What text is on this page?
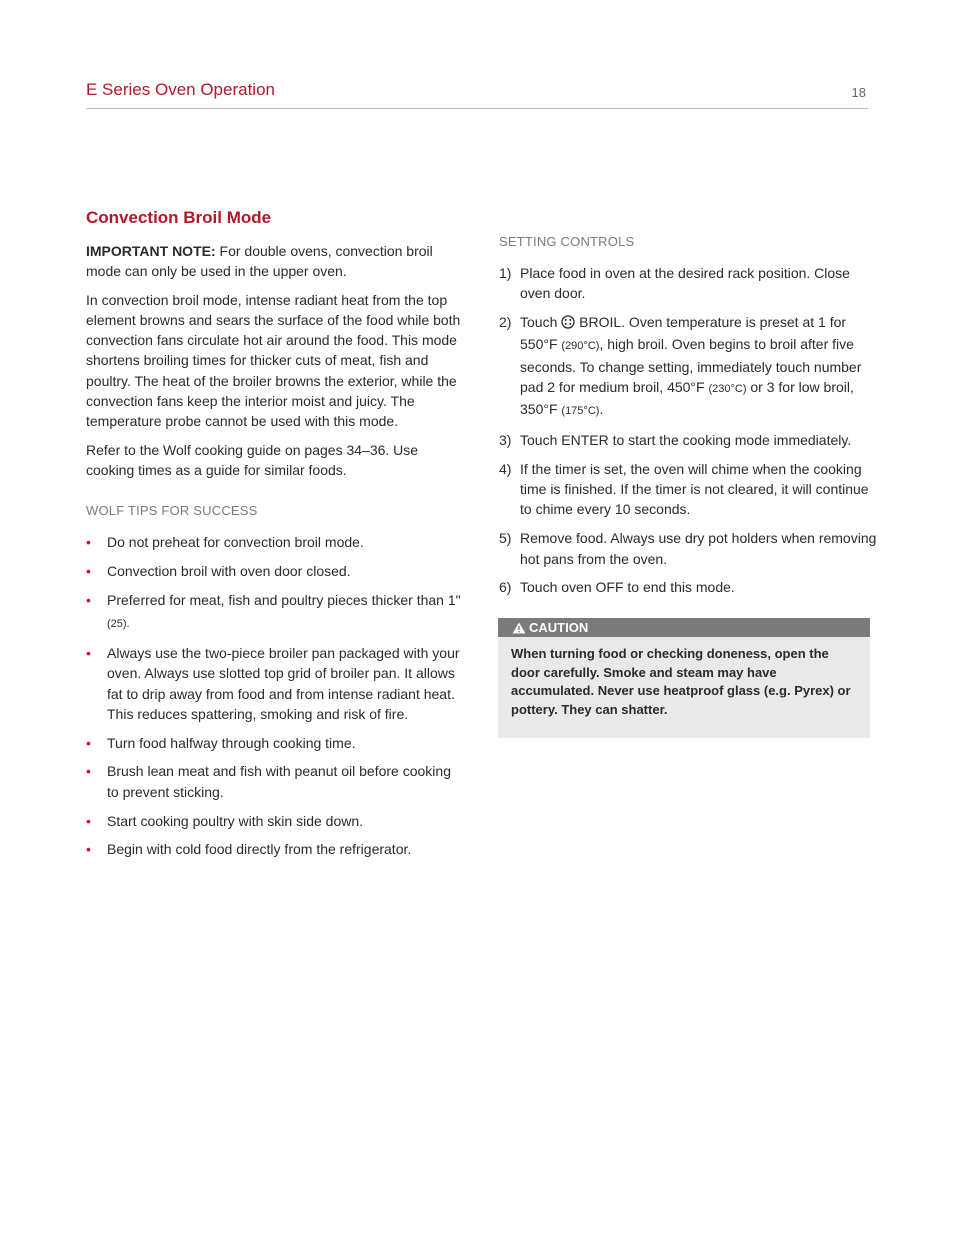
E Series Oven Operation	18
Convection Broil Mode

IMPORTANT NOTE: For double ovens, convection broil mode can only be used in the upper oven.

In convection broil mode, intense radiant heat from the top element browns and sears the surface of the food while both convection fans circulate hot air around the food. This mode shortens broiling times for thicker cuts of meat, fish and poultry. The heat of the broiler browns the exterior, while the convection fans keep the interior moist and juicy. The temperature probe cannot be used with this mode.

Refer to the Wolf cooking guide on pages 34–36. Use cooking times as a guide for similar foods.

WOLF TIPS FOR SUCCESS
• Do not preheat for convection broil mode.
• Convection broil with oven door closed.
• Preferred for meat, fish and poultry pieces thicker than 1" (25).
• Always use the two-piece broiler pan packaged with your oven. Always use slotted top grid of broiler pan. It allows fat to drip away from food and from intense radiant heat. This reduces spattering, smoking and risk of fire.
• Turn food halfway through cooking time.
• Brush lean meat and fish with peanut oil before cooking to prevent sticking.
• Start cooking poultry with skin side down.
• Begin with cold food directly from the refrigerator.
SETTING CONTROLS
1) Place food in oven at the desired rack position. Close oven door.
2) Touch  BROIL. Oven temperature is preset at 1 for 550°F (290°C), high broil. Oven begins to broil after five seconds. To change setting, immediately touch number pad 2 for medium broil, 450°F (230°C) or 3 for low broil, 350°F (175°C).
3) Touch ENTER to start the cooking mode immediately.
4) If the timer is set, the oven will chime when the cooking time is finished. If the timer is not cleared, it will continue to chime every 10 seconds.
5) Remove food. Always use dry pot holders when removing hot pans from the oven.
6) Touch oven OFF to end this mode.
CAUTION
When turning food or checking doneness, open the door carefully. Smoke and steam may have accumulated. Never use heatproof glass (e.g. Pyrex) or pottery. They can shatter.
